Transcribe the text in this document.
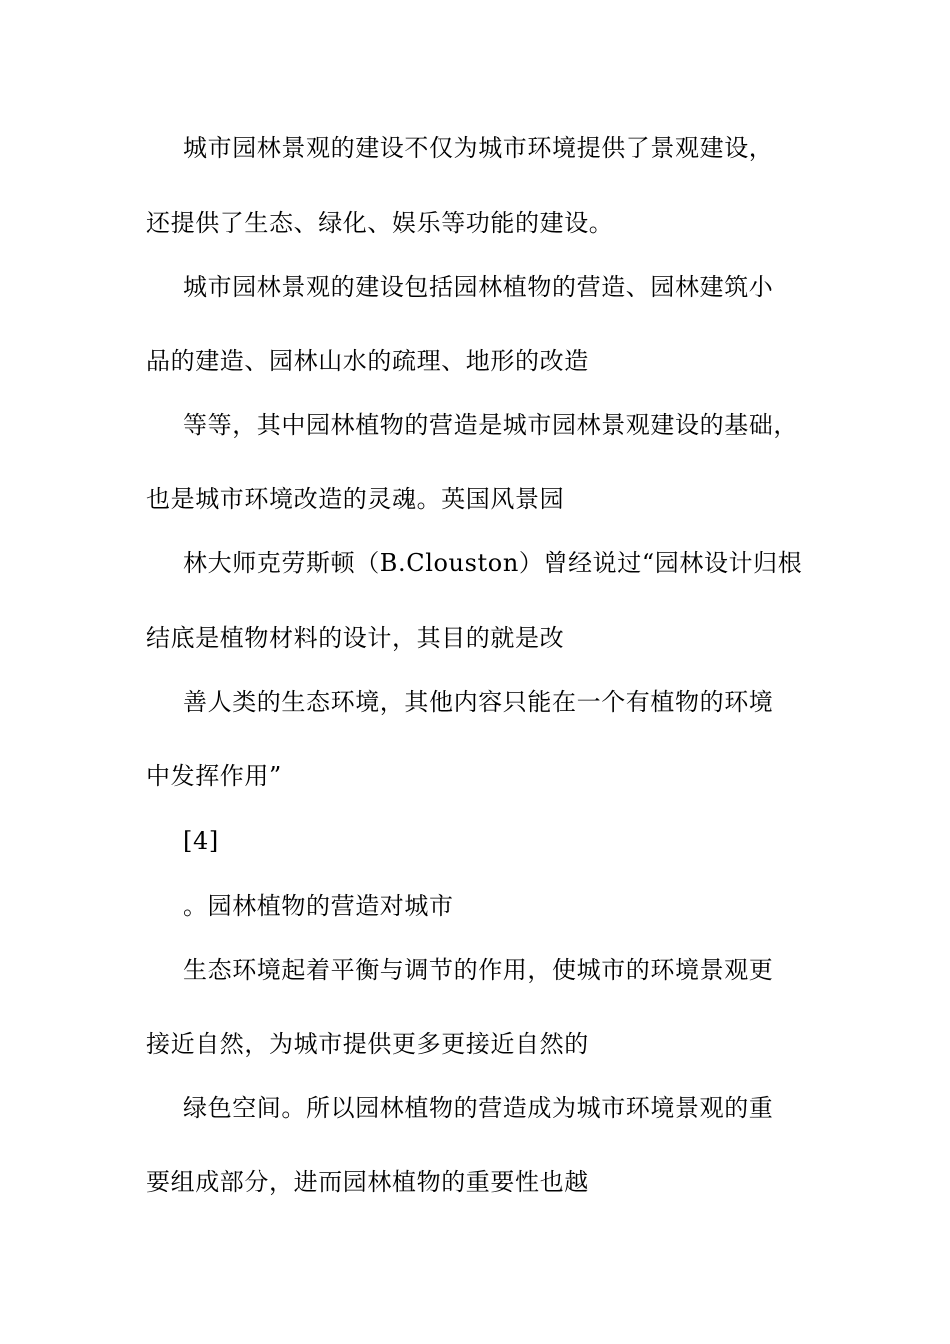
城市园林景观的建设不仅为城市环境提供了景观建设，
还提供了生态、绿化、娱乐等功能的建设。
城市园林景观的建设包括园林植物的营造、园林建筑小
品的建造、园林山水的疏理、地形的改造
等等，其中园林植物的营造是城市园林景观建设的基础，
也是城市环境改造的灵魂。英国风景园
林大师克劳斯顿（B.Clouston）曾经说过“园林设计归根
结底是植物材料的设计，其目的就是改
善人类的生态环境，其他内容只能在一个有植物的环境
中发挥作用”
[4]
。园林植物的营造对城市
生态环境起着平衡与调节的作用，使城市的环境景观更
接近自然，为城市提供更多更接近自然的
绿色空间。所以园林植物的营造成为城市环境景观的重
要组成部分，进而园林植物的重要性也越
